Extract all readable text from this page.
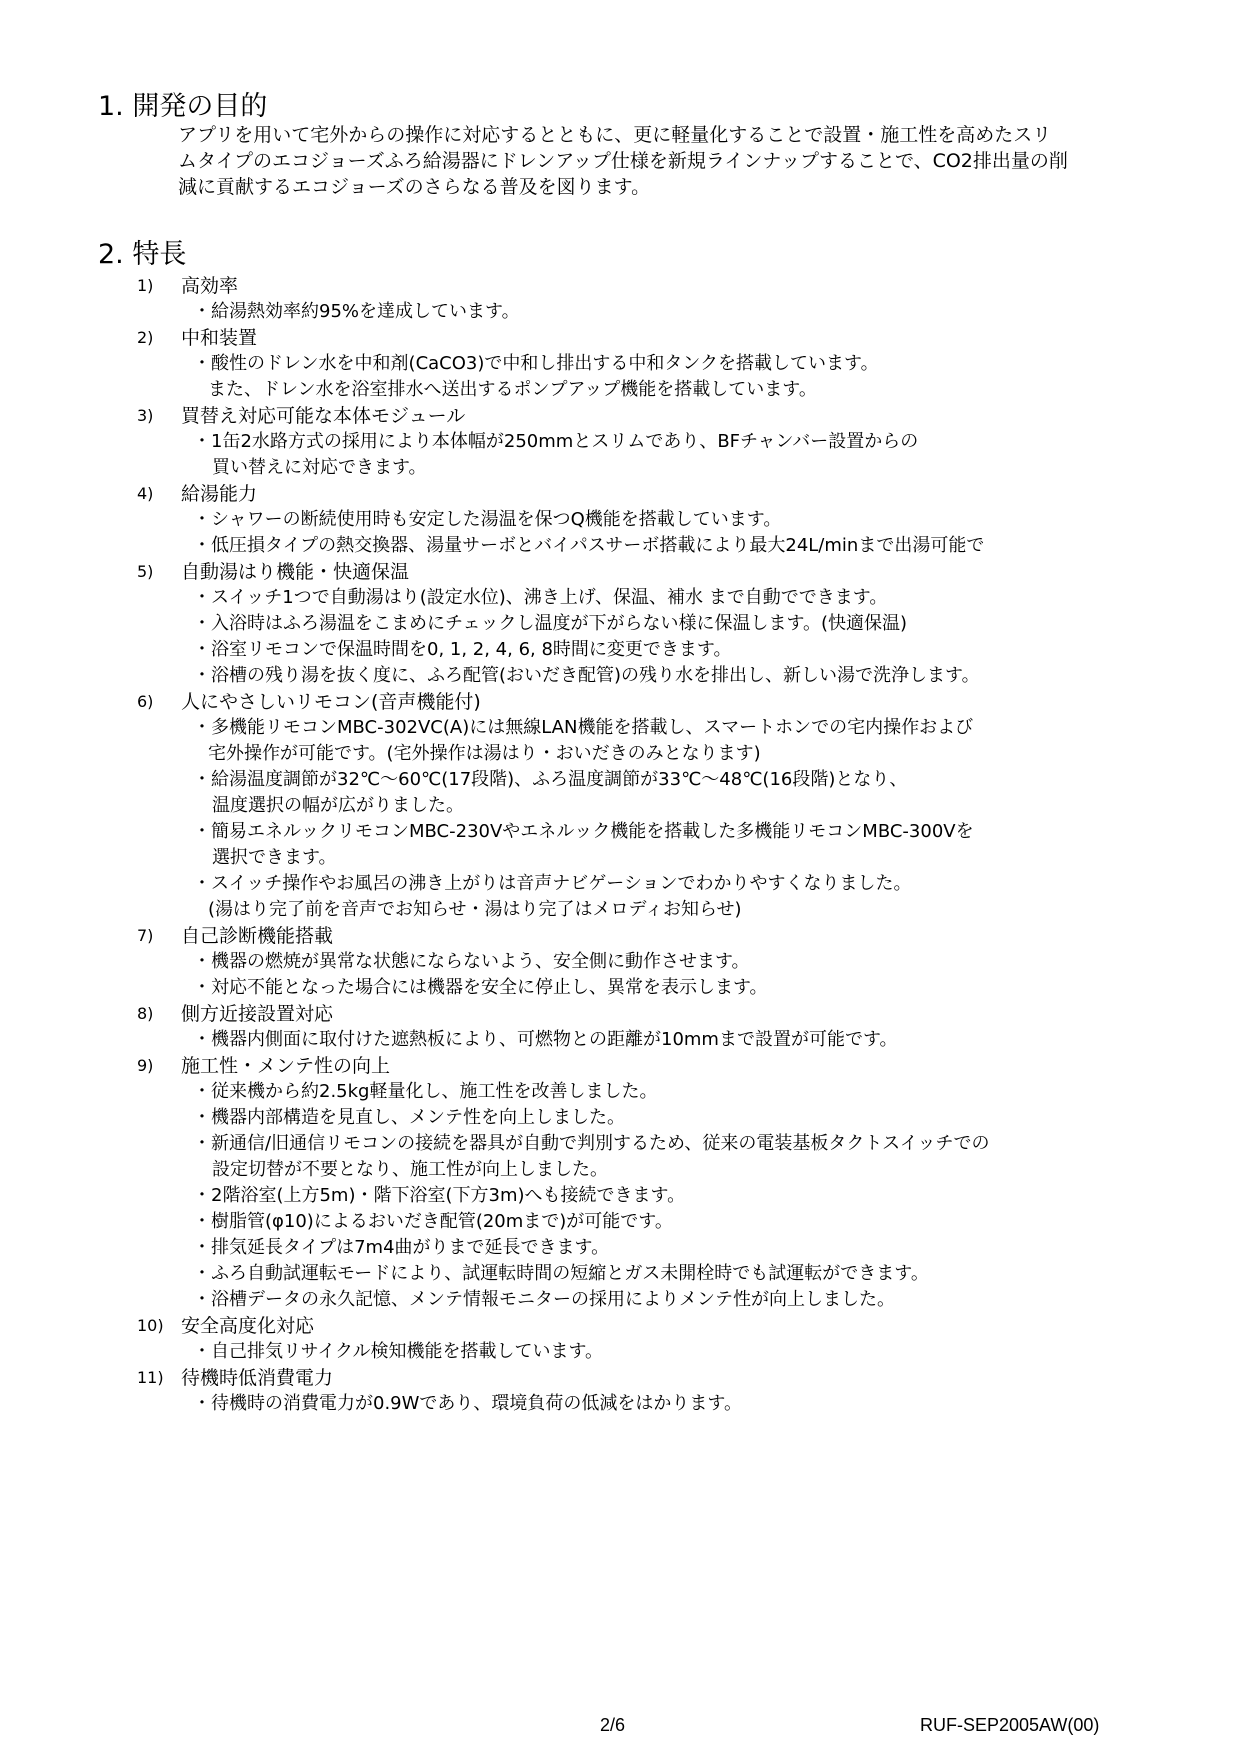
1. 開発の目的
アプリを用いて宅外からの操作に対応するとともに、更に軽量化することで設置・施工性を高めたスリ
ムタイプのエコジョーズふろ給湯器にドレンアップ仕様を新規ラインナップすることで、CO2排出量の削
減に貢献するエコジョーズのさらなる普及を図ります。
2. 特長
1) 高効率
・給湯熱効率約95%を達成しています。
2) 中和装置
・酸性のドレン水を中和剤(CaCO3)で中和し排出する中和タンクを搭載しています。
また、ドレン水を浴室排水へ送出するポンプアップ機能を搭載しています。
3) 買替え対応可能な本体モジュール
・1缶2水路方式の採用により本体幅が250mmとスリムであり、BFチャンバー設置からの
買い替えに対応できます。
4) 給湯能力
・シャワーの断続使用時も安定した湯温を保つQ機能を搭載しています。
・低圧損タイプの熱交換器、湯量サーボとバイパスサーボ搭載により最大24L/minまで出湯可能で
5) 自動湯はり機能・快適保温
・スイッチ1つで自動湯はり(設定水位)、沸き上げ、保温、補水 まで自動でできます。
・入浴時はふろ湯温をこまめにチェックし温度が下がらない様に保温します。(快適保温)
・浴室リモコンで保温時間を0, 1, 2, 4, 6, 8時間に変更できます。
・浴槽の残り湯を抜く度に、ふろ配管(おいだき配管)の残り水を排出し、新しい湯で洗浄します。
6) 人にやさしいリモコン(音声機能付)
・多機能リモコンMBC-302VC(A)には無線LAN機能を搭載し、スマートホンでの宅内操作および
宅外操作が可能です。(宅外操作は湯はり・おいだきのみとなります)
・給湯温度調節が32℃～60℃(17段階)、ふろ温度調節が33℃～48℃(16段階)となり、
温度選択の幅が広がりました。
・簡易エネルックリモコンMBC-230Vやエネルック機能を搭載した多機能リモコンMBC-300Vを
選択できます。
・スイッチ操作やお風呂の沸き上がりは音声ナビゲーションでわかりやすくなりました。
(湯はり完了前を音声でお知らせ・湯はり完了はメロディお知らせ)
7) 自己診断機能搭載
・機器の燃焼が異常な状態にならないよう、安全側に動作させます。
・対応不能となった場合には機器を安全に停止し、異常を表示します。
8) 側方近接設置対応
・機器内側面に取付けた遮熱板により、可燃物との距離が10mmまで設置が可能です。
9) 施工性・メンテ性の向上
・従来機から約2.5kg軽量化し、施工性を改善しました。
・機器内部構造を見直し、メンテ性を向上しました。
・新通信/旧通信リモコンの接続を器具が自動で判別するため、従来の電装基板タクトスイッチでの
設定切替が不要となり、施工性が向上しました。
・2階浴室(上方5m)・階下浴室(下方3m)へも接続できます。
・樹脂管(φ10)によるおいだき配管(20mまで)が可能です。
・排気延長タイプは7m4曲がりまで延長できます。
・ふろ自動試運転モードにより、試運転時間の短縮とガス未開栓時でも試運転ができます。
・浴槽データの永久記憶、メンテ情報モニターの採用によりメンテ性が向上しました。
10) 安全高度化対応
・自己排気リサイクル検知機能を搭載しています。
11) 待機時低消費電力
・待機時の消費電力が0.9Wであり、環境負荷の低減をはかります。
2/6	RUF-SEP2005AW(00)
